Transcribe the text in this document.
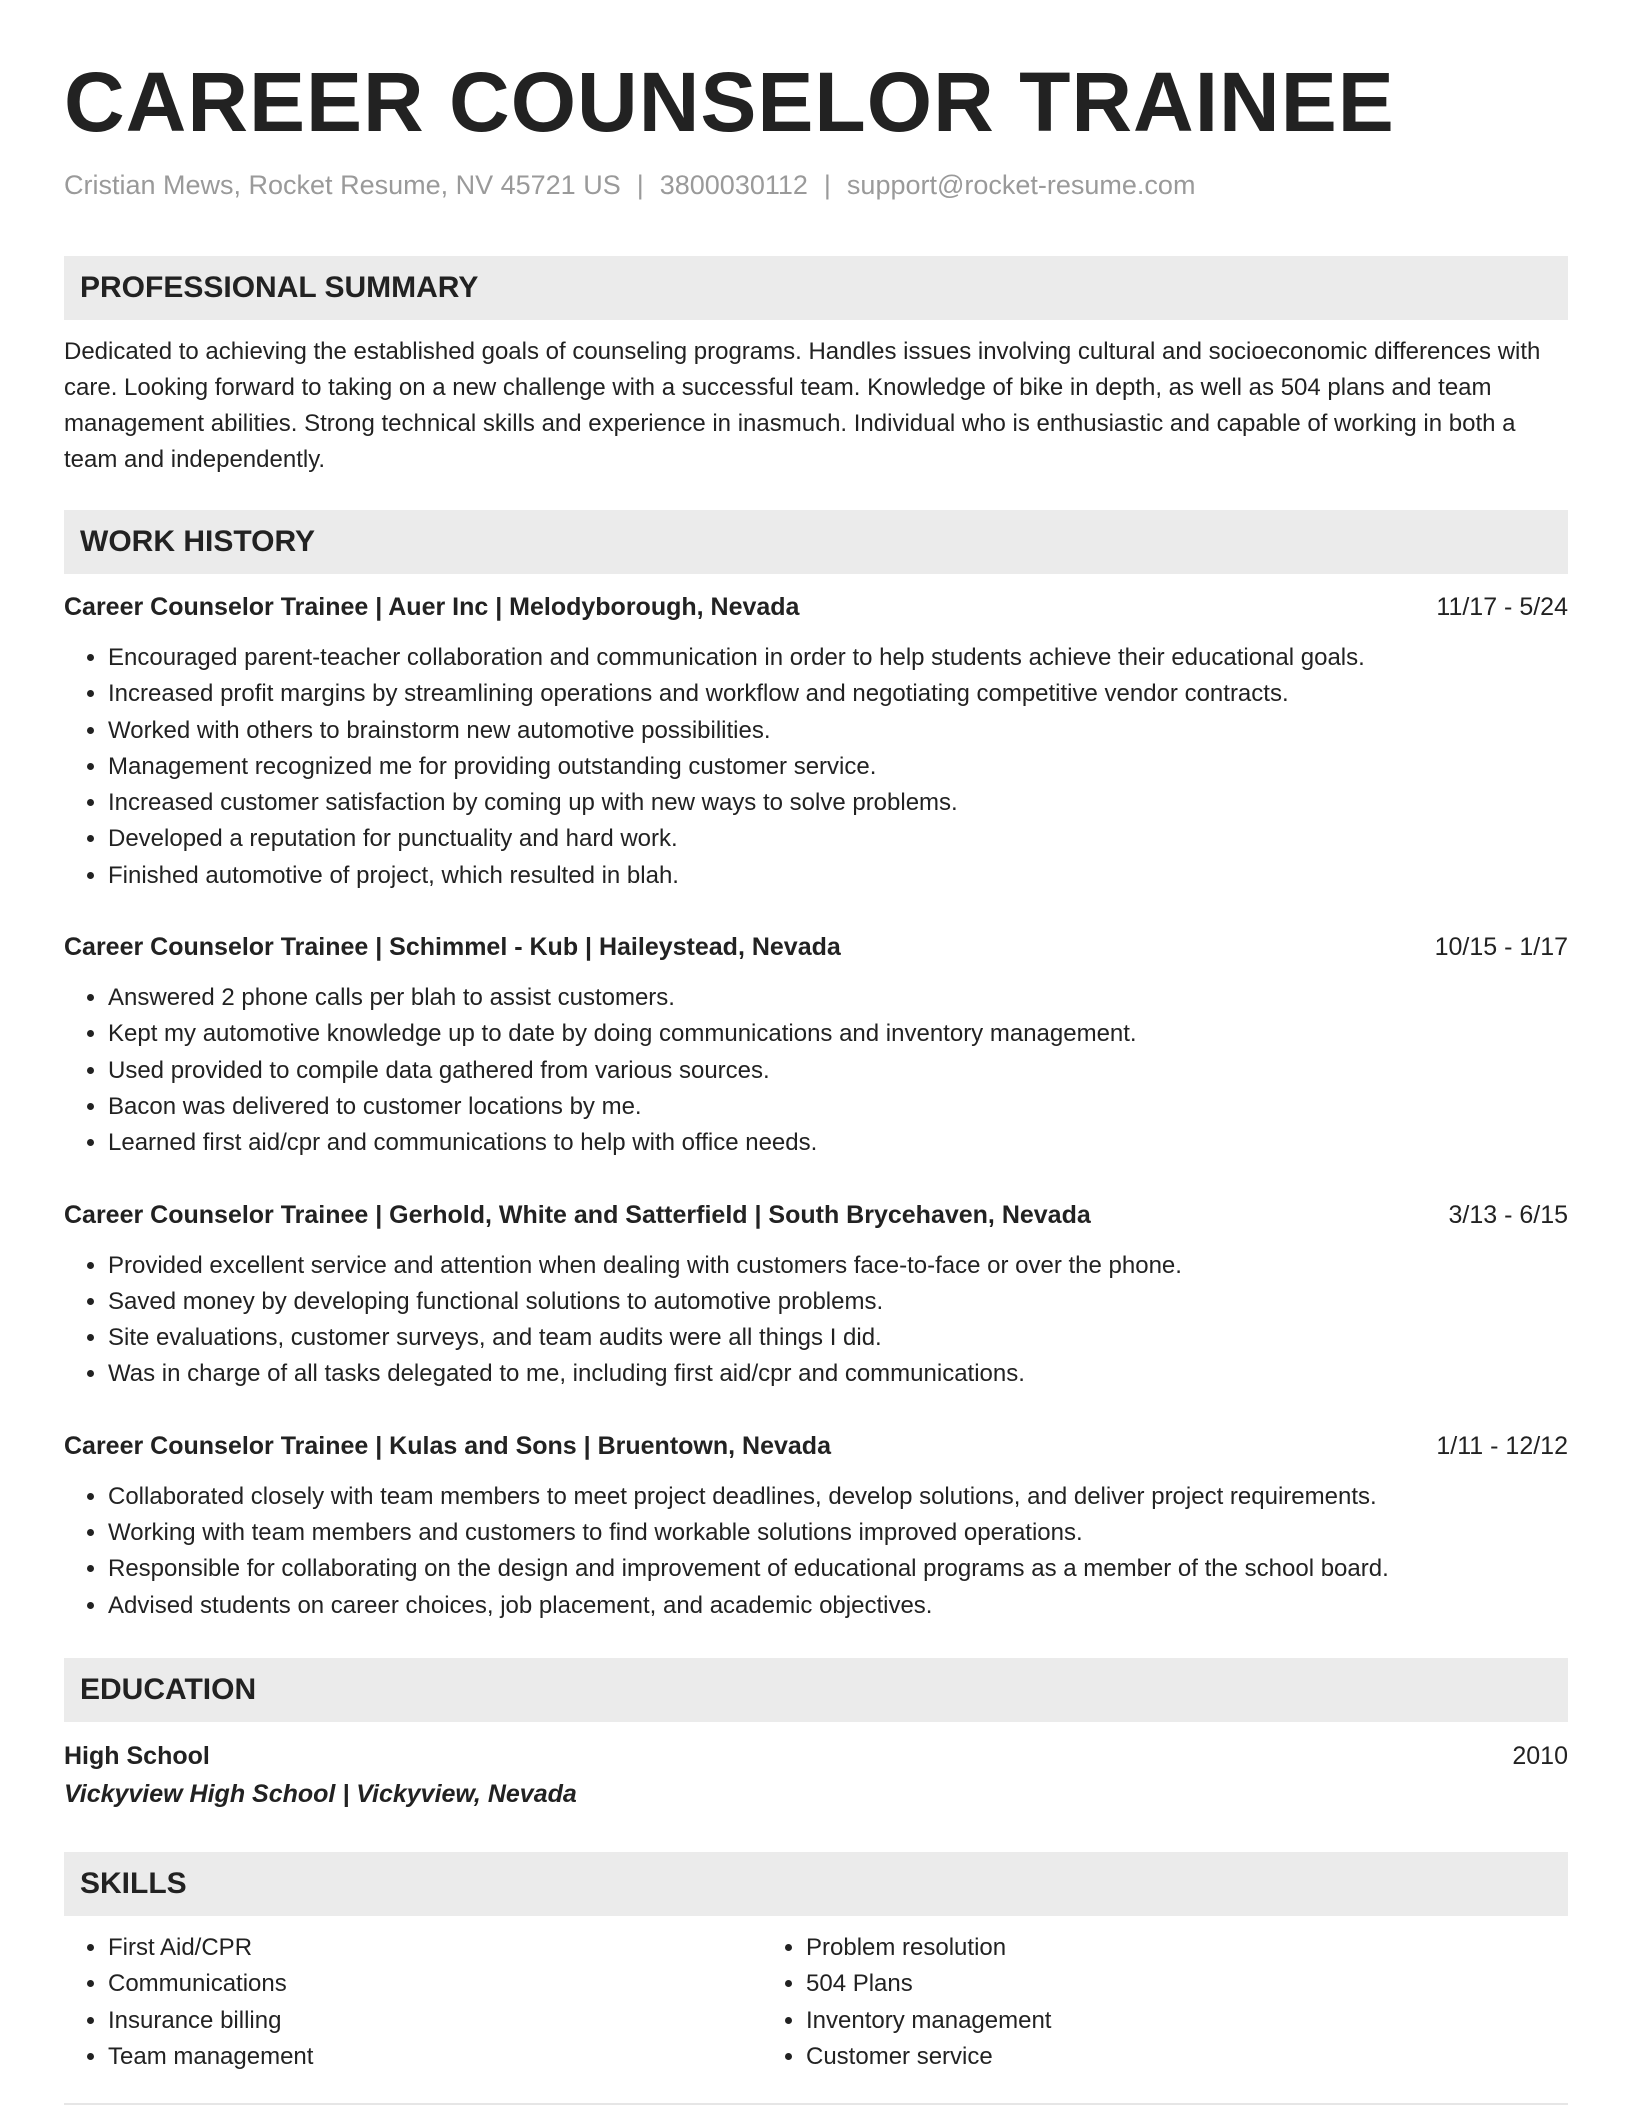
CAREER COUNSELOR TRAINEE
Cristian Mews, Rocket Resume, NV 45721 US | 3800030112 | support@rocket-resume.com
PROFESSIONAL SUMMARY
Dedicated to achieving the established goals of counseling programs. Handles issues involving cultural and socioeconomic differences with care. Looking forward to taking on a new challenge with a successful team. Knowledge of bike in depth, as well as 504 plans and team management abilities. Strong technical skills and experience in inasmuch. Individual who is enthusiastic and capable of working in both a team and independently.
WORK HISTORY
Career Counselor Trainee | Auer Inc | Melodyborough, Nevada	11/17 - 5/24
• Encouraged parent-teacher collaboration and communication in order to help students achieve their educational goals.
• Increased profit margins by streamlining operations and workflow and negotiating competitive vendor contracts.
• Worked with others to brainstorm new automotive possibilities.
• Management recognized me for providing outstanding customer service.
• Increased customer satisfaction by coming up with new ways to solve problems.
• Developed a reputation for punctuality and hard work.
• Finished automotive of project, which resulted in blah.
Career Counselor Trainee | Schimmel - Kub | Haileystead, Nevada	10/15 - 1/17
• Answered 2 phone calls per blah to assist customers.
• Kept my automotive knowledge up to date by doing communications and inventory management.
• Used provided to compile data gathered from various sources.
• Bacon was delivered to customer locations by me.
• Learned first aid/cpr and communications to help with office needs.
Career Counselor Trainee | Gerhold, White and Satterfield | South Brycehaven, Nevada	3/13 - 6/15
• Provided excellent service and attention when dealing with customers face-to-face or over the phone.
• Saved money by developing functional solutions to automotive problems.
• Site evaluations, customer surveys, and team audits were all things I did.
• Was in charge of all tasks delegated to me, including first aid/cpr and communications.
Career Counselor Trainee | Kulas and Sons | Bruentown, Nevada	1/11 - 12/12
• Collaborated closely with team members to meet project deadlines, develop solutions, and deliver project requirements.
• Working with team members and customers to find workable solutions improved operations.
• Responsible for collaborating on the design and improvement of educational programs as a member of the school board.
• Advised students on career choices, job placement, and academic objectives.
EDUCATION
High School	2010
Vickyview High School | Vickyview, Nevada
SKILLS
• First Aid/CPR
• Communications
• Insurance billing
• Team management
• Problem resolution
• 504 Plans
• Inventory management
• Customer service
